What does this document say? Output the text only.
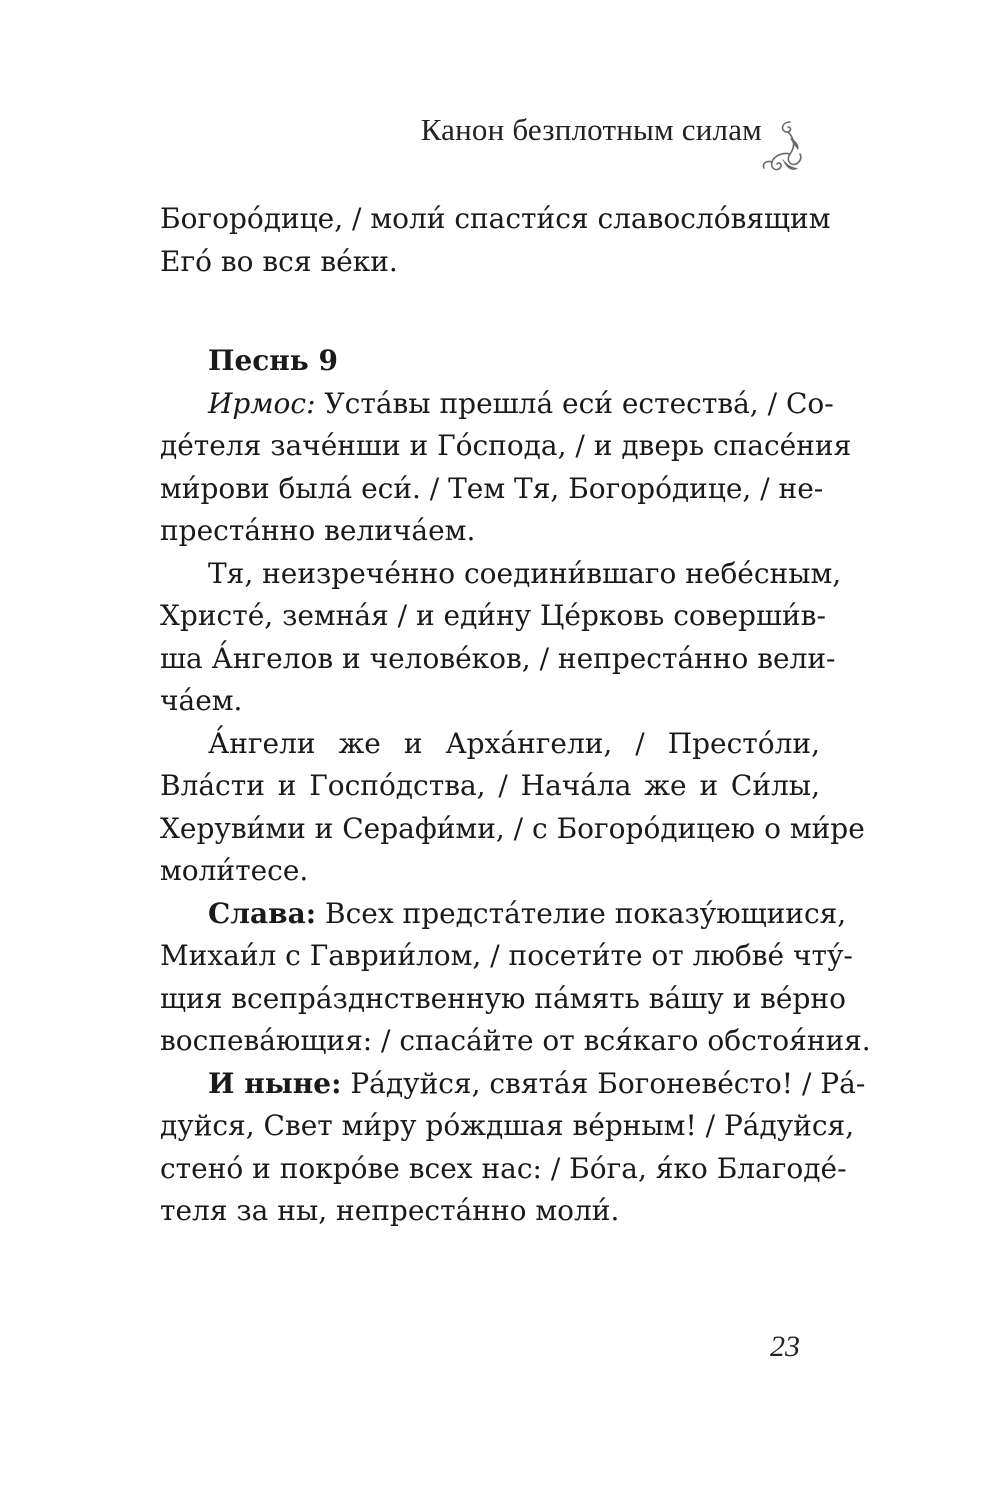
Канон безплотным силам
Богоро́дице, / моли́ спасти́ся славосло́вящим
Его́ во вся ве́ки.
Песнь 9
Ирмос: Уста́вы прешла́ еси́ естества́, / Со-
де́теля заче́нши и Го́спода, / и дверь спасе́ния
ми́рови была́ еси́. / Тем Тя, Богоро́дице, / не-
преста́нно велича́ем.
Тя, неизрече́нно соедини́вшаго небе́сным,
Христе́, земна́я / и еди́ну Це́рковь соверши́в-
ша А́нгелов и челове́ков, / непреста́нно вели-
ча́ем.
А́нгели же и Арха́нгели, / Престо́ли,
Вла́сти и Госпо́дства, / Нача́ла же и Си́лы,
Херуви́ми и Серафи́ми, / с Богоро́дицею о ми́ре
моли́тесе.
Слава: Всех предста́телие показу́ющиися,
Михаи́л с Гаврии́лом, / посети́те от любве́ чту́-
щия всепра́зднственную па́мять ва́шу и ве́рно
воспева́ющия: / спаса́йте от вся́каго обстоя́ния.
И ныне: Ра́дуйся, свята́я Богоневе́сто! / Ра́-
дуйся, Свет ми́ру ро́ждшая ве́рным! / Ра́дуйся,
стено́ и покро́ве всех нас: / Бо́га, я́ко Благоде́-
теля за ны, непреста́нно моли́.
23
